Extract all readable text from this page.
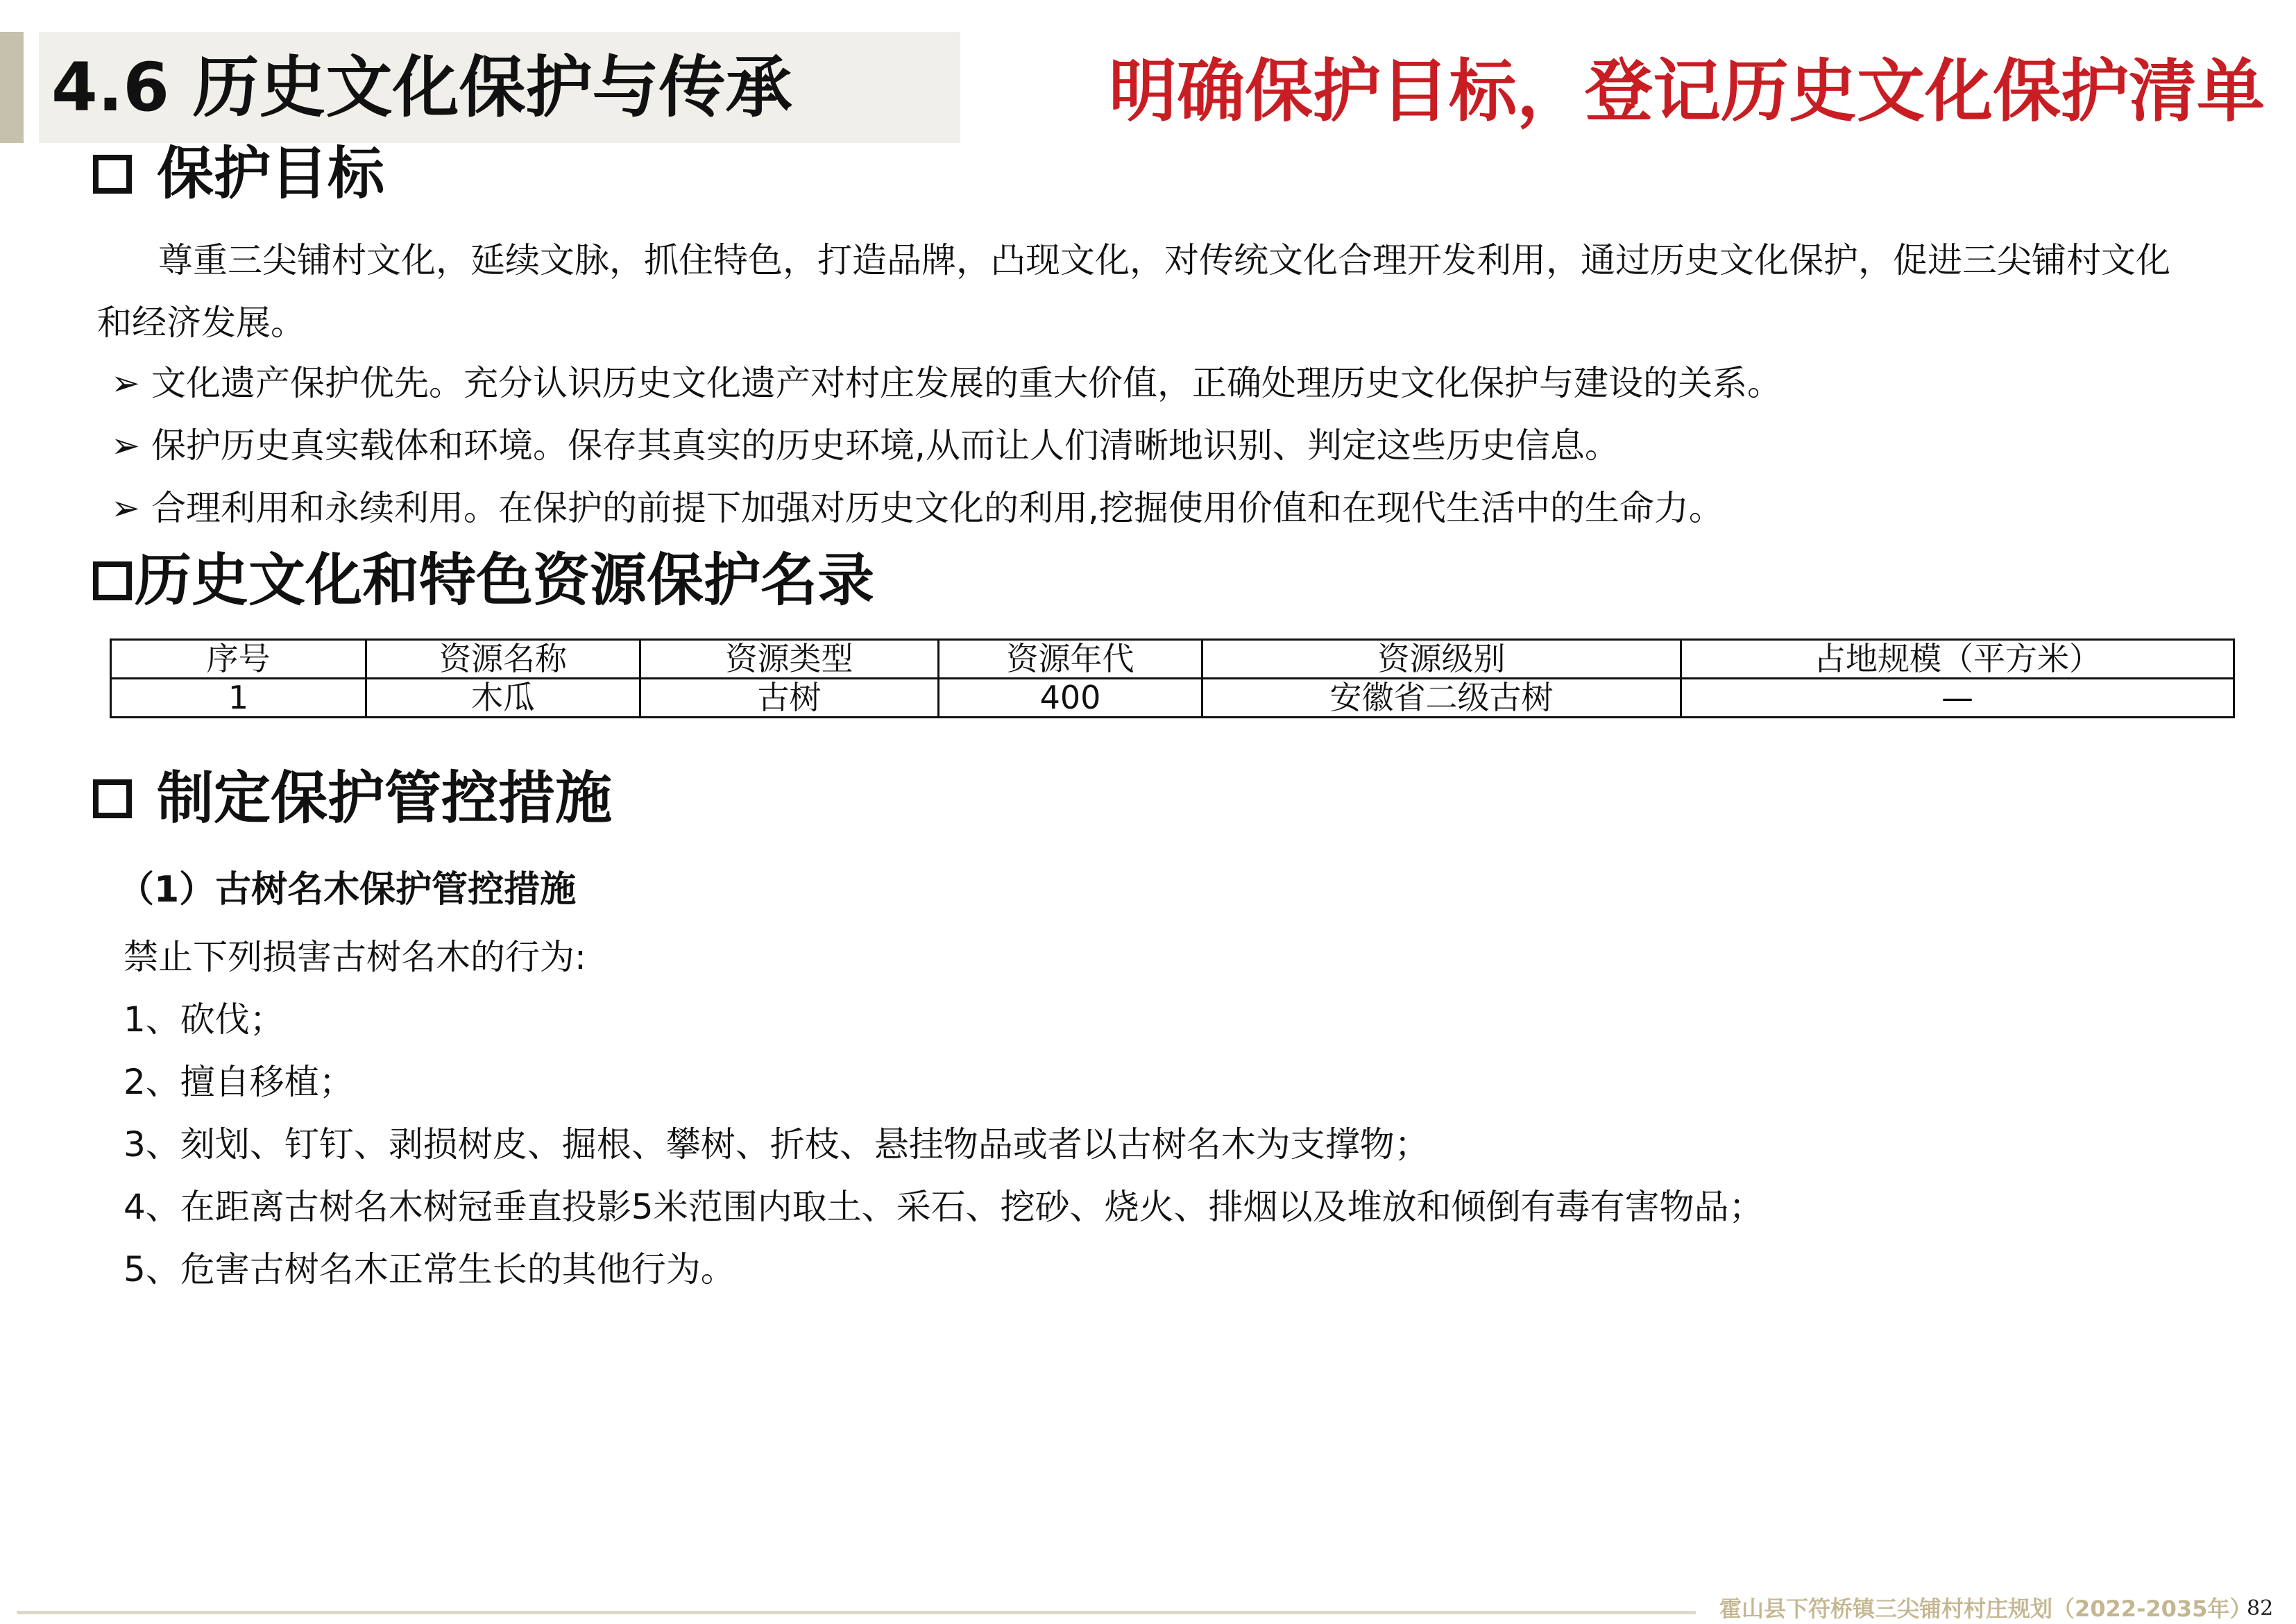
4.6 历史文化保护与传承	明确保护目标，登记历史文化保护清单
保护目标
尊重三尖铺村文化，延续文脉，抓住特色，打造品牌，凸现文化，对传统文化合理开发利用，通过历史文化保护，促进三尖铺村文化
和经济发展。
➢ 文化遗产保护优先。充分认识历史文化遗产对村庄发展的重大价值，正确处理历史文化保护与建设的关系。
➢ 保护历史真实载体和环境。保存其真实的历史环境,从而让人们清晰地识别、判定这些历史信息。
➢ 合理利用和永续利用。在保护的前提下加强对历史文化的利用,挖掘使用价值和在现代生活中的生命力。
历史文化和特色资源保护名录
序号	资源名称	资源类型	资源年代	资源级别	占地规模（平方米）
1	木瓜	古树	400	安徽省二级古树	—
制定保护管控措施
（1）古树名木保护管控措施
禁止下列损害古树名木的行为:
1、砍伐；
2、擅自移植；
3、刻划、钉钉、剥损树皮、掘根、攀树、折枝、悬挂物品或者以古树名木为支撑物；
4、在距离古树名木树冠垂直投影5米范围内取土、采石、挖砂、烧火、排烟以及堆放和倾倒有毒有害物品；
5、危害古树名木正常生长的其他行为。
霍山县下符桥镇三尖铺村村庄规划（2022-2035年）
82
